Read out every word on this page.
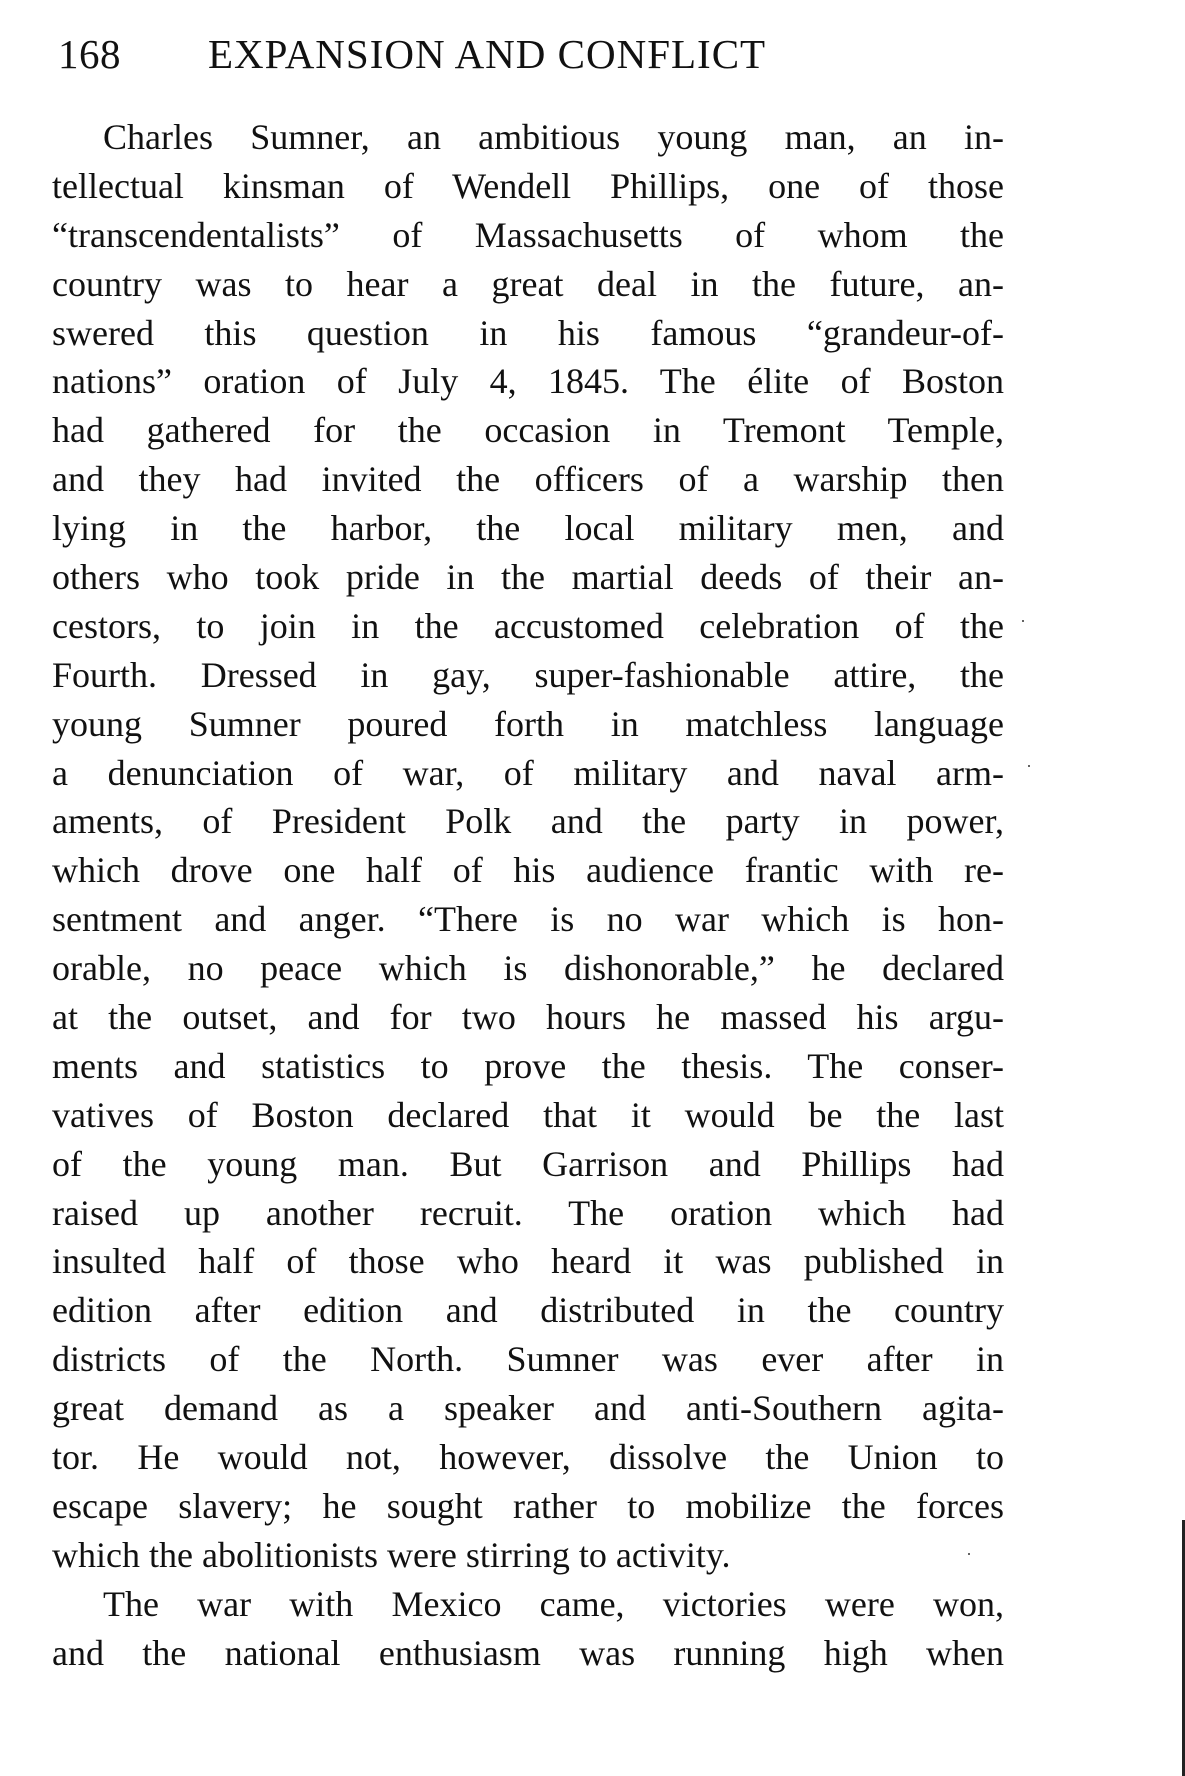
168	EXPANSION AND CONFLICT
Charles Sumner, an ambitious young man, an in-
tellectual kinsman of Wendell Phillips, one of those
“transcendentalists” of Massachusetts of whom the
country was to hear a great deal in the future, an-
swered this question in his famous “grandeur-of-
nations” oration of July 4, 1845. The élite of Boston
had gathered for the occasion in Tremont Temple,
and they had invited the officers of a warship then
lying in the harbor, the local military men, and
others who took pride in the martial deeds of their an-
cestors, to join in the accustomed celebration of the
Fourth. Dressed in gay, super-fashionable attire, the
young Sumner poured forth in matchless language
a denunciation of war, of military and naval arm-
aments, of President Polk and the party in power,
which drove one half of his audience frantic with re-
sentment and anger. “There is no war which is hon-
orable, no peace which is dishonorable,” he declared
at the outset, and for two hours he massed his argu-
ments and statistics to prove the thesis. The conser-
vatives of Boston declared that it would be the last
of the young man. But Garrison and Phillips had
raised up another recruit. The oration which had
insulted half of those who heard it was published in
edition after edition and distributed in the country
districts of the North. Sumner was ever after in
great demand as a speaker and anti-Southern agita-
tor. He would not, however, dissolve the Union to
escape slavery; he sought rather to mobilize the forces
which the abolitionists were stirring to activity.
The war with Mexico came, victories were won,
and the national enthusiasm was running high when
